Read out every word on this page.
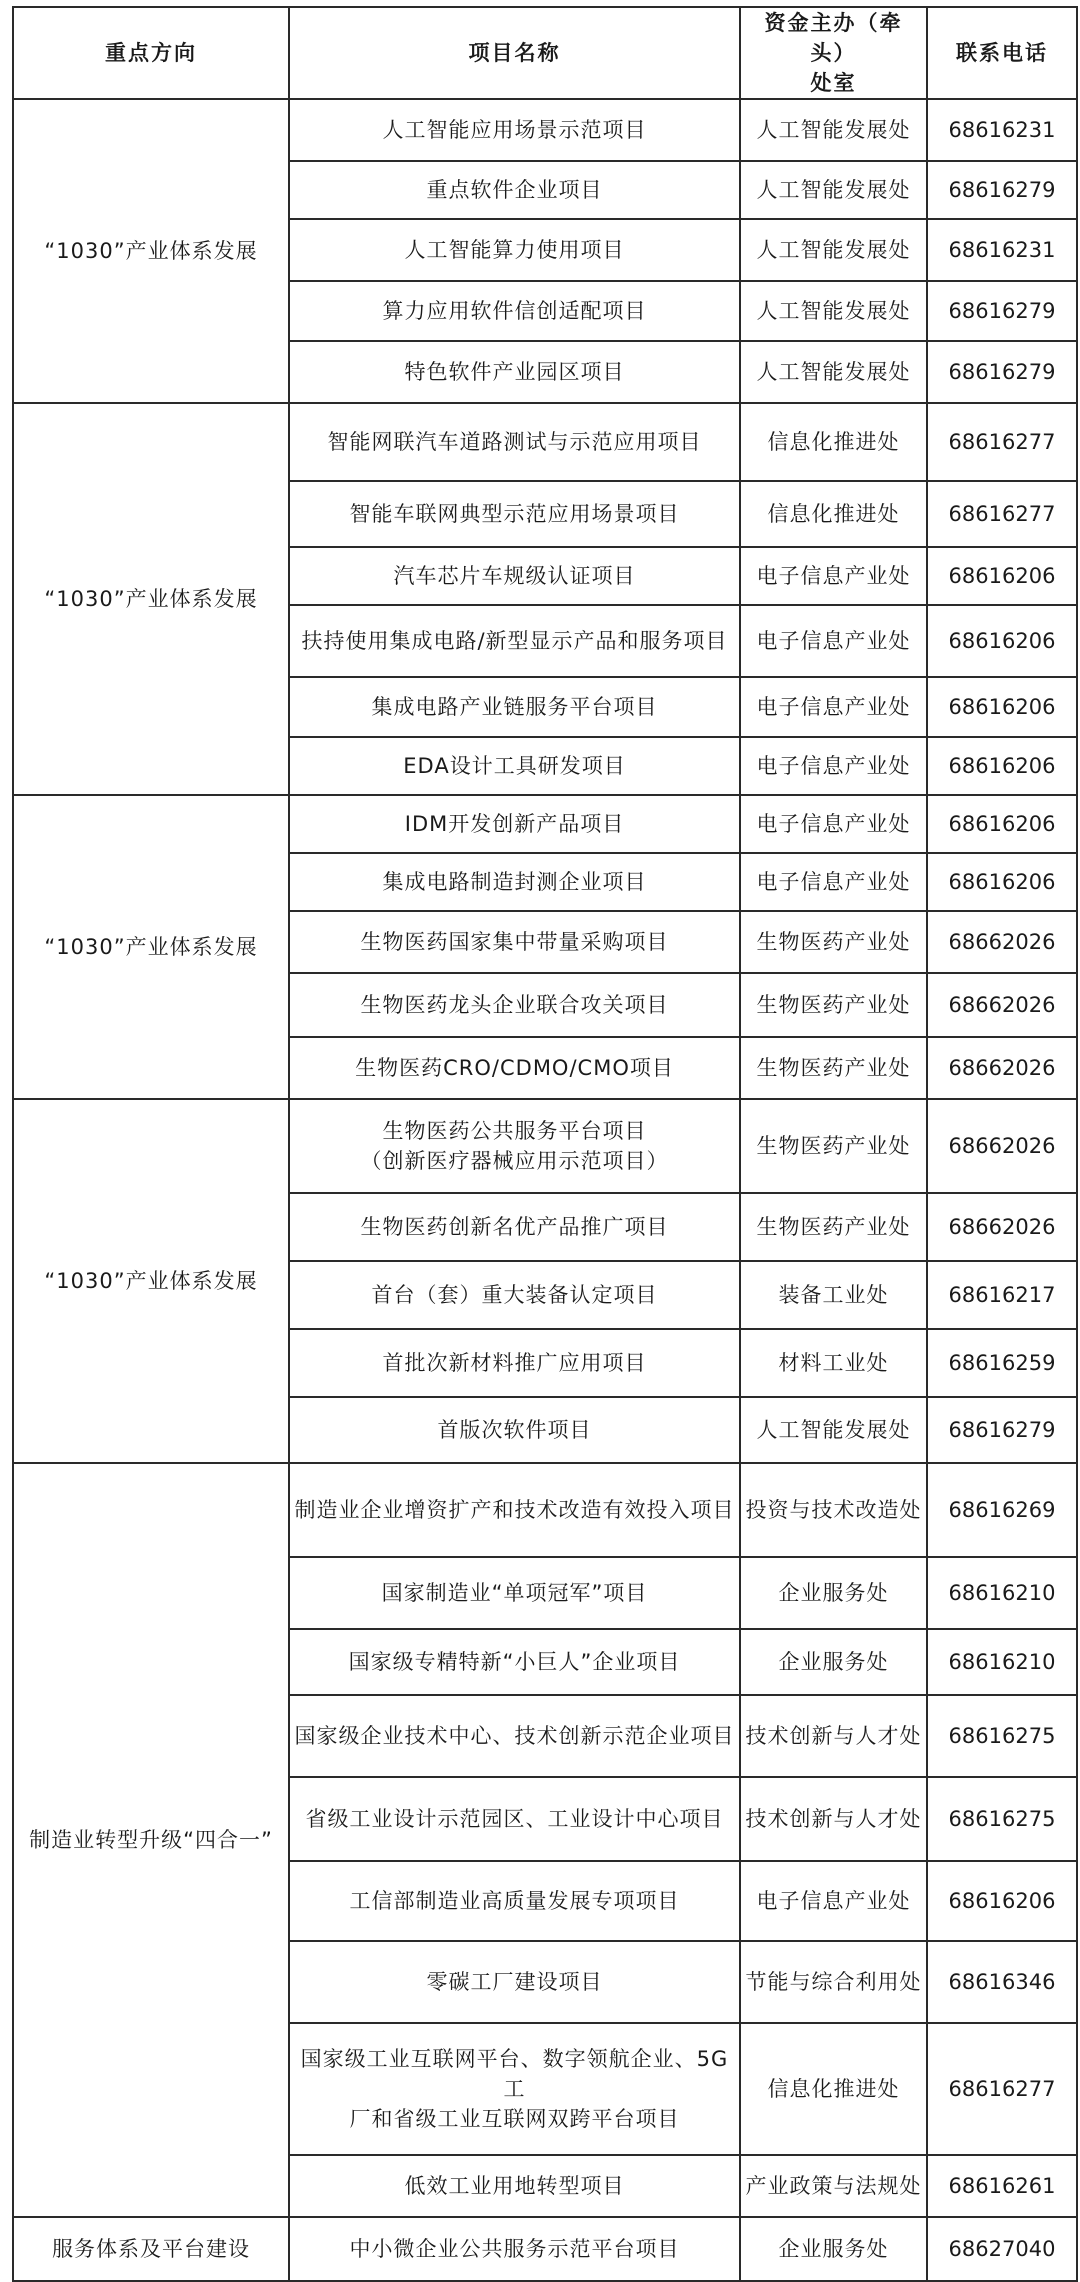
重点方向	项目名称	资金主办（牵头）
处室	联系电话
“1030”产业体系发展	人工智能应用场景示范项目	人工智能发展处	68616231
	重点软件企业项目	人工智能发展处	68616279
	人工智能算力使用项目	人工智能发展处	68616231
	算力应用软件信创适配项目	人工智能发展处	68616279
	特色软件产业园区项目	人工智能发展处	68616279
“1030”产业体系发展	智能网联汽车道路测试与示范应用项目	信息化推进处	68616277
	智能车联网典型示范应用场景项目	信息化推进处	68616277
	汽车芯片车规级认证项目	电子信息产业处	68616206
	扶持使用集成电路/新型显示产品和服务项目	电子信息产业处	68616206
	集成电路产业链服务平台项目	电子信息产业处	68616206
	EDA设计工具研发项目	电子信息产业处	68616206
“1030”产业体系发展	IDM开发创新产品项目	电子信息产业处	68616206
	集成电路制造封测企业项目	电子信息产业处	68616206
	生物医药国家集中带量采购项目	生物医药产业处	68662026
	生物医药龙头企业联合攻关项目	生物医药产业处	68662026
	生物医药CRO/CDMO/CMO项目	生物医药产业处	68662026
“1030”产业体系发展	生物医药公共服务平台项目
（创新医疗器械应用示范项目）	生物医药产业处	68662026
	生物医药创新名优产品推广项目	生物医药产业处	68662026
	首台（套）重大装备认定项目	装备工业处	68616217
	首批次新材料推广应用项目	材料工业处	68616259
	首版次软件项目	人工智能发展处	68616279
制造业转型升级“四合一”	制造业企业增资扩产和技术改造有效投入项目	投资与技术改造处	68616269
	国家制造业“单项冠军”项目	企业服务处	68616210
	国家级专精特新“小巨人”企业项目	企业服务处	68616210
	国家级企业技术中心、技术创新示范企业项目	技术创新与人才处	68616275
	省级工业设计示范园区、工业设计中心项目	技术创新与人才处	68616275
	工信部制造业高质量发展专项项目	电子信息产业处	68616206
	零碳工厂建设项目	节能与综合利用处	68616346
	国家级工业互联网平台、数字领航企业、5G工
厂和省级工业互联网双跨平台项目	信息化推进处	68616277
	低效工业用地转型项目	产业政策与法规处	68616261
服务体系及平台建设	中小微企业公共服务示范平台项目	企业服务处	68627040
